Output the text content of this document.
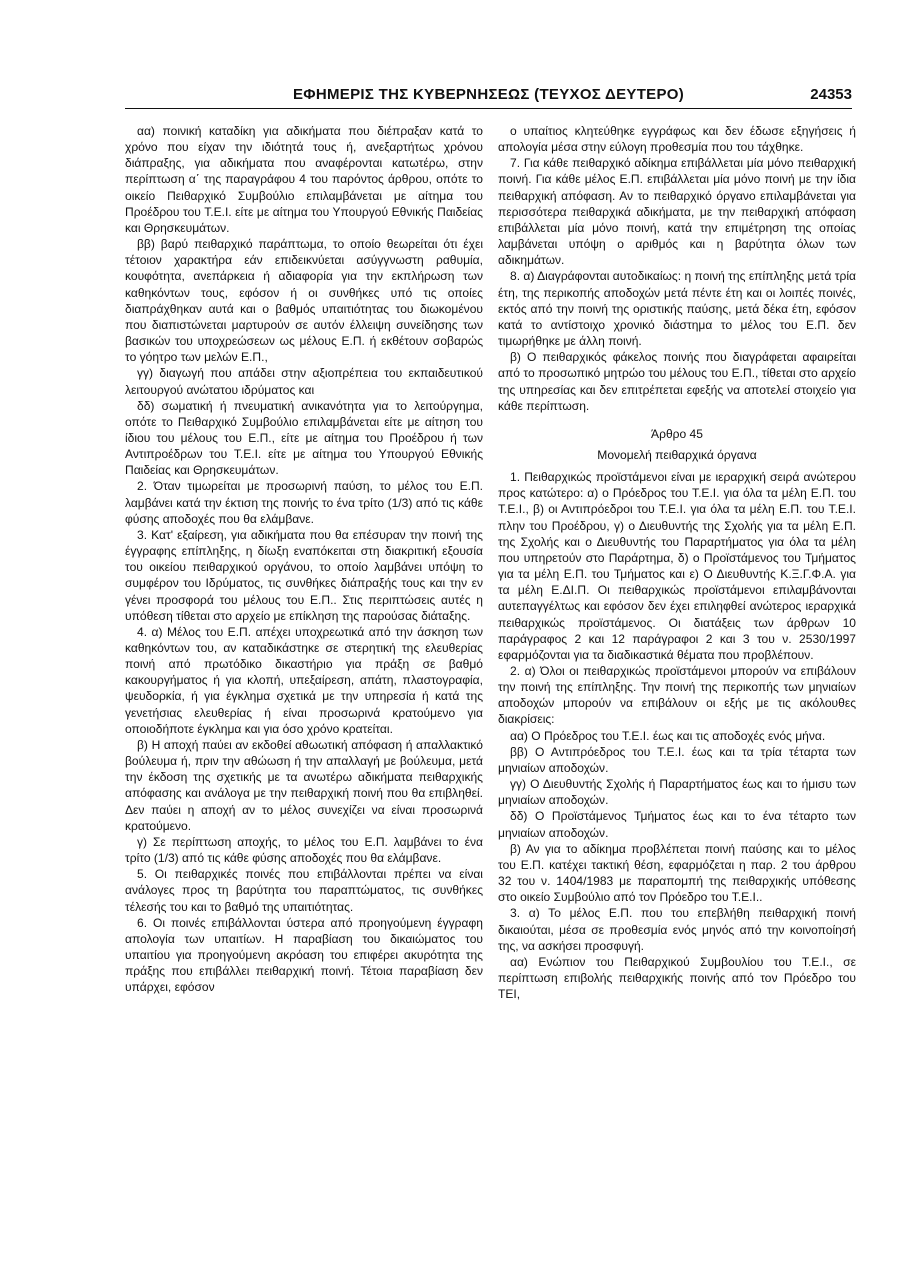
ΕΦΗΜΕΡΙΣ ΤΗΣ ΚΥΒΕΡΝΗΣΕΩΣ (ΤΕΥΧΟΣ ΔΕΥΤΕΡΟ)	24353

αα) ποινική καταδίκη για αδικήματα που διέπραξαν κατά το χρόνο που είχαν την ιδιότητά τους ή, ανεξαρτήτως χρόνου διάπραξης, για αδικήματα που αναφέρονται κατωτέρω, στην περίπτωση α΄ της παραγράφου 4 του παρόντος άρθρου, οπότε το οικείο Πειθαρχικό Συμβούλιο επιλαμβάνεται με αίτημα του Προέδρου του Τ.Ε.Ι. είτε με αίτημα του Υπουργού Εθνικής Παιδείας και Θρησκευμάτων.

ββ) βαρύ πειθαρχικό παράπτωμα, το οποίο θεωρείται ότι έχει τέτοιον χαρακτήρα εάν επιδεικνύεται ασύγγνωστη ραθυμία, κουφότητα, ανεπάρκεια ή αδιαφορία για την εκπλήρωση των καθηκόντων τους, εφόσον ή οι συνθήκες υπό τις οποίες διαπράχθηκαν αυτά και ο βαθμός υπαιτιότητας του διωκομένου που διαπιστώνεται μαρτυρούν σε αυτόν έλλειψη συνείδησης των βασικών του υποχρεώσεων ως μέλους Ε.Π. ή εκθέτουν σοβαρώς το γόητρο των μελών Ε.Π.,

γγ) διαγωγή που απάδει στην αξιοπρέπεια του εκπαιδευτικού λειτουργού ανώτατου ιδρύματος και

δδ) σωματική ή πνευματική ανικανότητα για το λειτούργημα, οπότε το Πειθαρχικό Συμβούλιο επιλαμβάνεται είτε με αίτηση του ίδιου του μέλους του Ε.Π., είτε με αίτημα του Προέδρου ή των Αντιπροέδρων του Τ.Ε.Ι. είτε με αίτημα του Υπουργού Εθνικής Παιδείας και Θρησκευμάτων.

2. Όταν τιμωρείται με προσωρινή παύση, το μέλος του Ε.Π. λαμβάνει κατά την έκτιση της ποινής το ένα τρίτο (1/3) από τις κάθε φύσης αποδοχές που θα ελάμβανε.

3. Κατ' εξαίρεση, για αδικήματα που θα επέσυραν την ποινή της έγγραφης επίπληξης, η δίωξη εναπόκειται στη διακριτική εξουσία του οικείου πειθαρχικού οργάνου, το οποίο λαμβάνει υπόψη το συμφέρον του Ιδρύματος, τις συνθήκες διάπραξής τους και την εν γένει προσφορά του μέλους του Ε.Π.. Στις περιπτώσεις αυτές η υπόθεση τίθεται στο αρχείο με επίκληση της παρούσας διάταξης.

4. α) Μέλος του Ε.Π. απέχει υποχρεωτικά από την άσκηση των καθηκόντων του, αν καταδικάστηκε σε στερητική της ελευθερίας ποινή από πρωτόδικο δικαστήριο για πράξη σε βαθμό κακουργήματος ή για κλοπή, υπεξαίρεση, απάτη, πλαστογραφία, ψευδορκία, ή για έγκλημα σχετικά με την υπηρεσία ή κατά της γενετήσιας ελευθερίας ή είναι προσωρινά κρατούμενο για οποιοδήποτε έγκλημα και για όσο χρόνο κρατείται.

β) Η αποχή παύει αν εκδοθεί αθωωτική απόφαση ή απαλλακτικό βούλευμα ή, πριν την αθώωση ή την απαλλαγή με βούλευμα, μετά την έκδοση της σχετικής με τα ανωτέρω αδικήματα πειθαρχικής απόφασης και ανάλογα με την πειθαρχική ποινή που θα επιβληθεί. Δεν παύει η αποχή αν το μέλος συνεχίζει να είναι προσωρινά κρατούμενο.

γ) Σε περίπτωση αποχής, το μέλος του Ε.Π. λαμβάνει το ένα τρίτο (1/3) από τις κάθε φύσης αποδοχές που θα ελάμβανε.

5. Οι πειθαρχικές ποινές που επιβάλλονται πρέπει να είναι ανάλογες προς τη βαρύτητα του παραπτώματος, τις συνθήκες τέλεσής του και το βαθμό της υπαιτιότητας.

6. Οι ποινές επιβάλλονται ύστερα από προηγούμενη έγγραφη απολογία των υπαιτίων. Η παραβίαση του δικαιώματος του υπαιτίου για προηγούμενη ακρόαση του επιφέρει ακυρότητα της πράξης που επιβάλλει πειθαρχική ποινή. Τέτοια παραβίαση δεν υπάρχει, εφόσον

ο υπαίτιος κλητεύθηκε εγγράφως και δεν έδωσε εξηγήσεις ή απολογία μέσα στην εύλογη προθεσμία που του τάχθηκε.

7. Για κάθε πειθαρχικό αδίκημα επιβάλλεται μία μόνο πειθαρχική ποινή. Για κάθε μέλος Ε.Π. επιβάλλεται μία μόνο ποινή με την ίδια πειθαρχική απόφαση. Αν το πειθαρχικό όργανο επιλαμβάνεται για περισσότερα πειθαρχικά αδικήματα, με την πειθαρχική απόφαση επιβάλλεται μία μόνο ποινή, κατά την επιμέτρηση της οποίας λαμβάνεται υπόψη ο αριθμός και η βαρύτητα όλων των αδικημάτων.

8. α) Διαγράφονται αυτοδικαίως: η ποινή της επίπληξης μετά τρία έτη, της περικοπής αποδοχών μετά πέντε έτη και οι λοιπές ποινές, εκτός από την ποινή της οριστικής παύσης, μετά δέκα έτη, εφόσον κατά το αντίστοιχο χρονικό διάστημα το μέλος του Ε.Π. δεν τιμωρήθηκε με άλλη ποινή.

β) Ο πειθαρχικός φάκελος ποινής που διαγράφεται αφαιρείται από το προσωπικό μητρώο του μέλους του Ε.Π., τίθεται στο αρχείο της υπηρεσίας και δεν επιτρέπεται εφεξής να αποτελεί στοιχείο για κάθε περίπτωση.

Άρθρο 45

Μονομελή πειθαρχικά όργανα

1. Πειθαρχικώς προϊστάμενοι είναι με ιεραρχική σειρά ανώτερου προς κατώτερο: α) ο Πρόεδρος του Τ.Ε.Ι. για όλα τα μέλη Ε.Π. του Τ.Ε.Ι., β) οι Αντιπρόεδροι του Τ.Ε.Ι. για όλα τα μέλη Ε.Π. του Τ.Ε.Ι. πλην του Προέδρου, γ) ο Διευθυντής της Σχολής για τα μέλη Ε.Π. της Σχολής και ο Διευθυντής του Παραρτήματος για όλα τα μέλη που υπηρετούν στο Παράρτημα, δ) ο Προϊστάμενος του Τμήματος για τα μέλη Ε.Π. του Τμήματος και ε) Ο Διευθυντής Κ.Ξ.Γ.Φ.Α. για τα μέλη Ε.ΔΙ.Π. Οι πειθαρχικώς προϊστάμενοι επιλαμβάνονται αυτεπαγγέλτως και εφόσον δεν έχει επιληφθεί ανώτερος ιεραρχικά πειθαρχικώς προϊστάμενος. Οι διατάξεις των άρθρων 10 παράγραφος 2 και 12 παράγραφοι 2 και 3 του ν. 2530/1997 εφαρμόζονται για τα διαδικαστικά θέματα που προβλέπουν.

2. α) Όλοι οι πειθαρχικώς προϊστάμενοι μπορούν να επιβάλουν την ποινή της επίπληξης. Την ποινή της περικοπής των μηνιαίων αποδοχών μπορούν να επιβάλουν οι εξής με τις ακόλουθες διακρίσεις:

αα) Ο Πρόεδρος του Τ.Ε.Ι. έως και τις αποδοχές ενός μήνα.

ββ) Ο Αντιπρόεδρος του Τ.Ε.Ι. έως και τα τρία τέταρτα των μηνιαίων αποδοχών.

γγ) Ο Διευθυντής Σχολής ή Παραρτήματος έως και το ήμισυ των μηνιαίων αποδοχών.

δδ) Ο Προϊστάμενος Τμήματος έως και το ένα τέταρτο των μηνιαίων αποδοχών.

β) Αν για το αδίκημα προβλέπεται ποινή παύσης και το μέλος του Ε.Π. κατέχει τακτική θέση, εφαρμόζεται η παρ. 2 του άρθρου 32 του ν. 1404/1983 με παραπομπή της πειθαρχικής υπόθεσης στο οικείο Συμβούλιο από τον Πρόεδρο του Τ.Ε.Ι..

3. α) Το μέλος Ε.Π. που του επεβλήθη πειθαρχική ποινή δικαιούται, μέσα σε προθεσμία ενός μηνός από την κοινοποίησή της, να ασκήσει προσφυγή.

αα) Ενώπιον του Πειθαρχικού Συμβουλίου του Τ.Ε.Ι., σε περίπτωση επιβολής πειθαρχικής ποινής από τον Πρόεδρο του ΤΕΙ,
